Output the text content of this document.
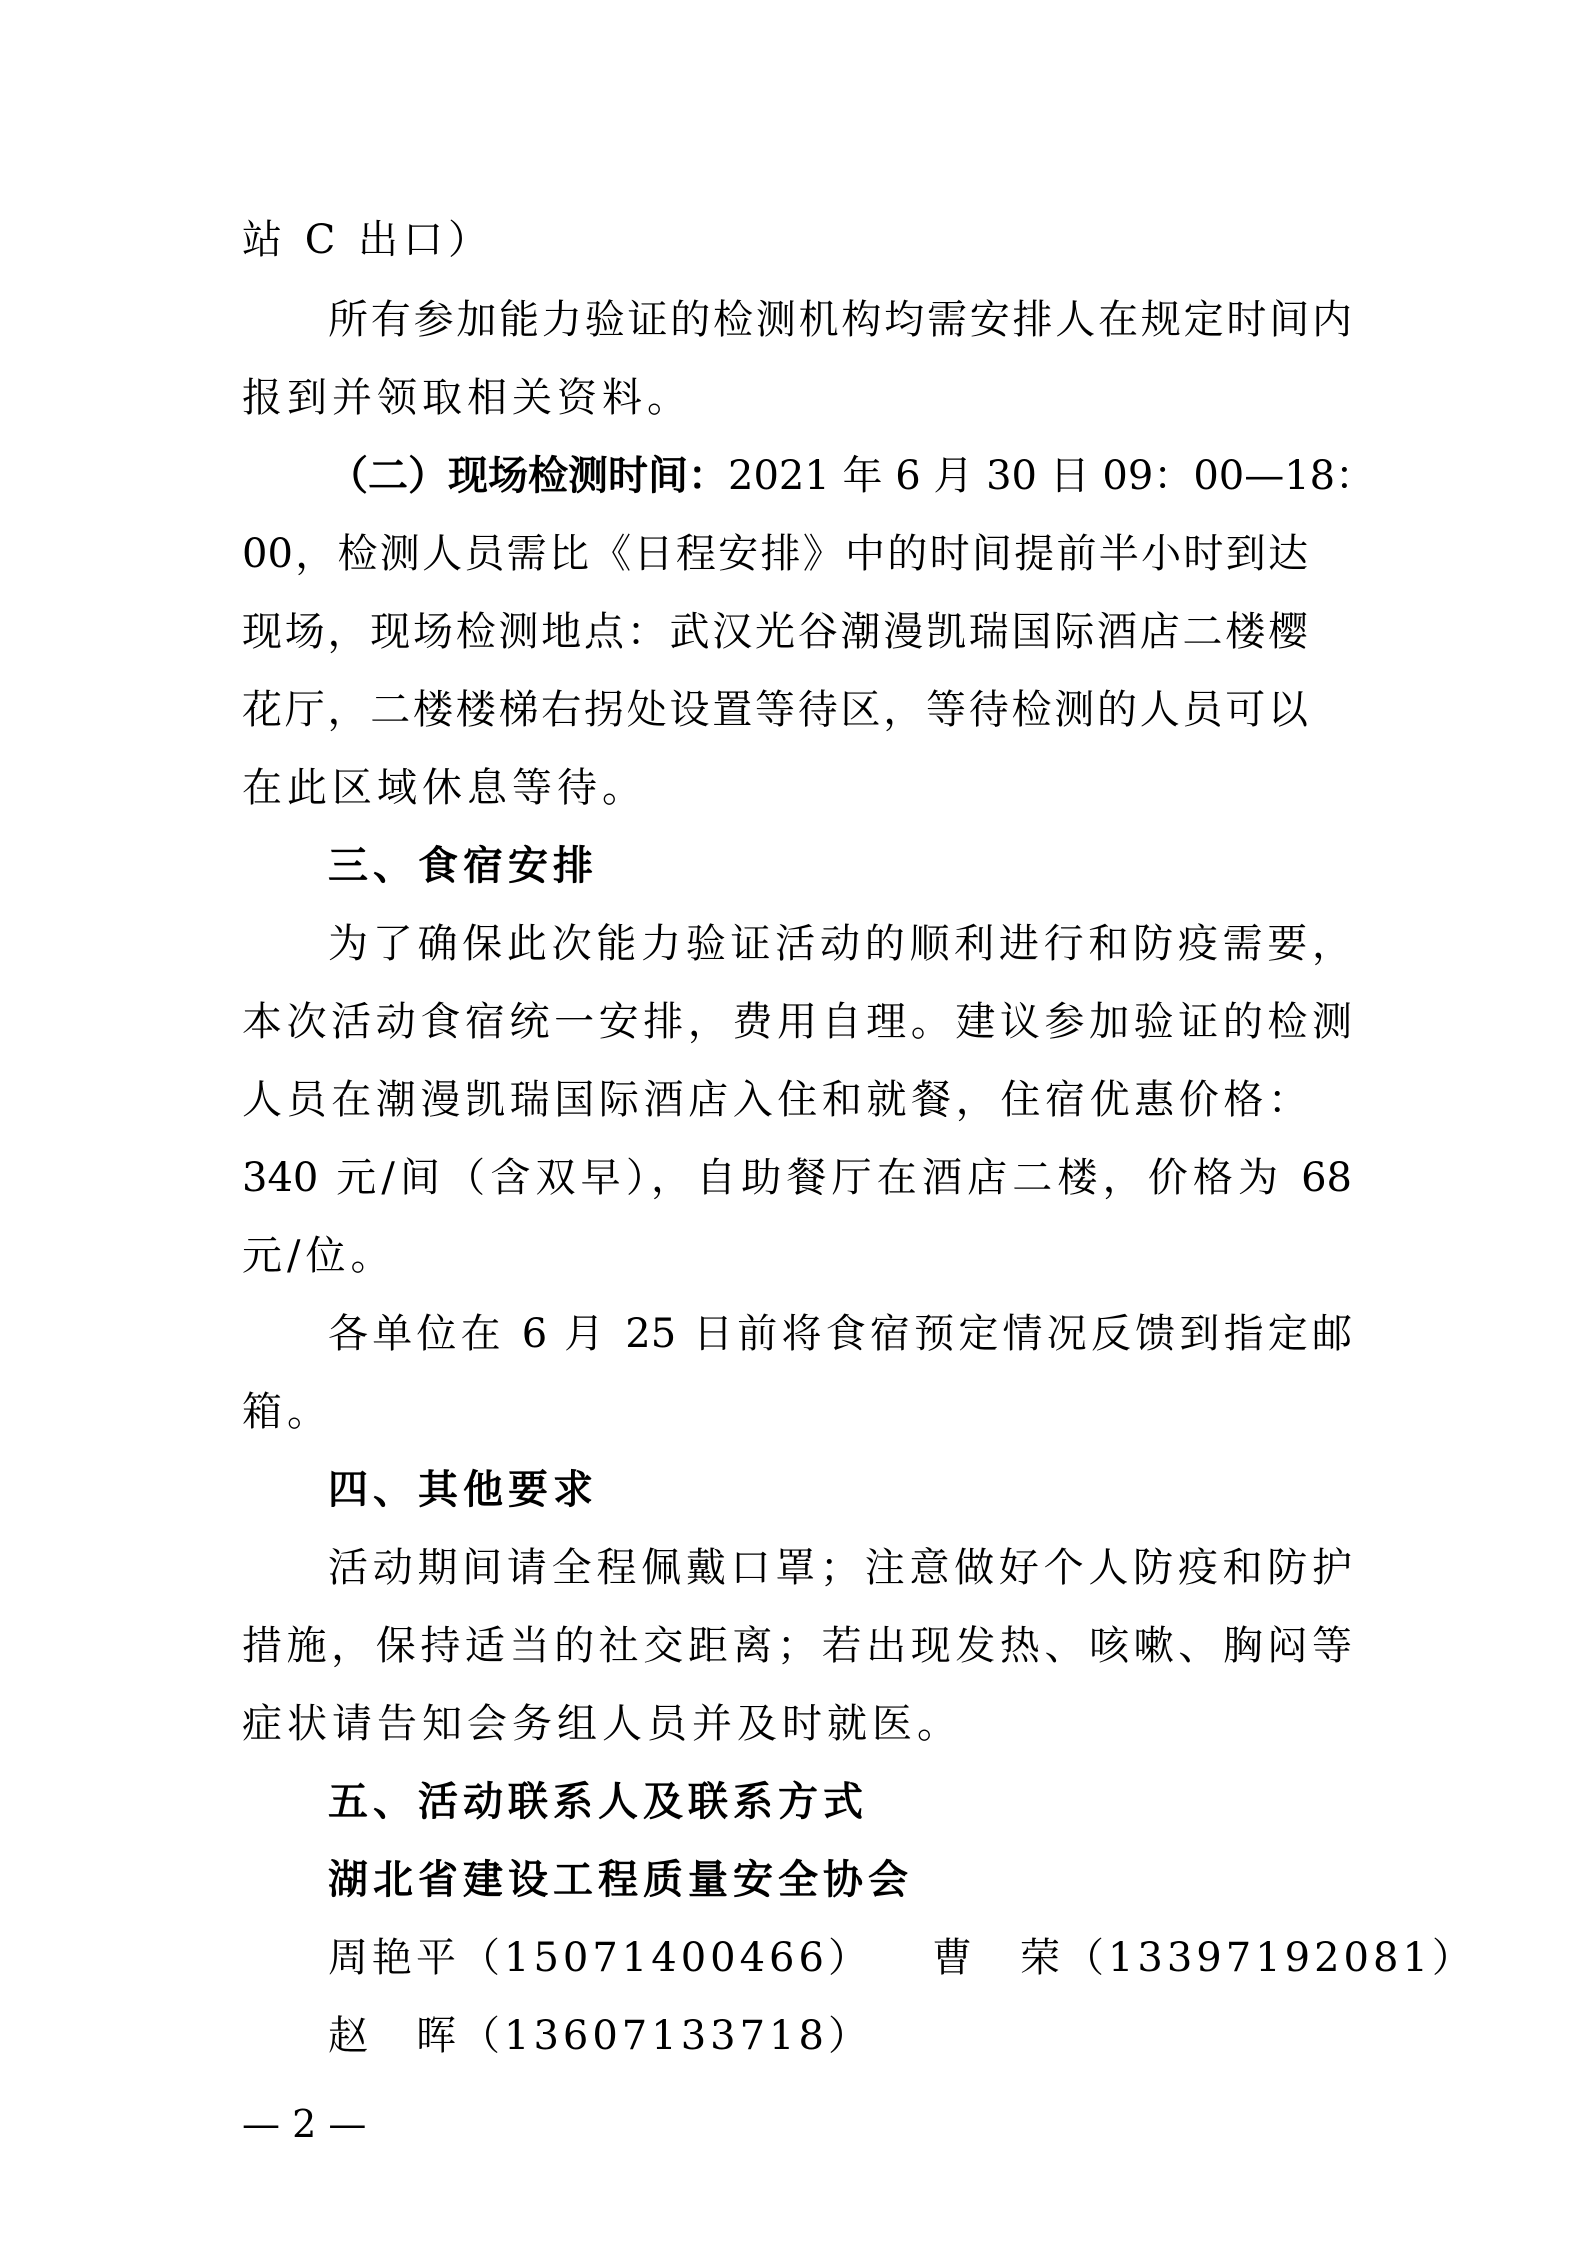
站 C 出口）
所有参加能力验证的检测机构均需安排人在规定时间内
报到并领取相关资料。
（二）现场检测时间：2021 年 6 月 30 日 09：00—18：
00，检测人员需比《日程安排》中的时间提前半小时到达
现场，现场检测地点：武汉光谷潮漫凯瑞国际酒店二楼樱
花厅，二楼楼梯右拐处设置等待区，等待检测的人员可以
在此区域休息等待。
三、食宿安排
为了确保此次能力验证活动的顺利进行和防疫需要，
本次活动食宿统一安排，费用自理。建议参加验证的检测
人员在潮漫凯瑞国际酒店入住和就餐，住宿优惠价格：
340 元/间（含双早），自助餐厅在酒店二楼，价格为 68
元/位。
各单位在 6 月 25 日前将食宿预定情况反馈到指定邮
箱。
四、其他要求
活动期间请全程佩戴口罩；注意做好个人防疫和防护
措施，保持适当的社交距离；若出现发热、咳嗽、胸闷等
症状请告知会务组人员并及时就医。
五、活动联系人及联系方式
湖北省建设工程质量安全协会
周艳平（15071400466） 曹　荣（13397192081）
赵　晖（13607133718）
— 2 —
